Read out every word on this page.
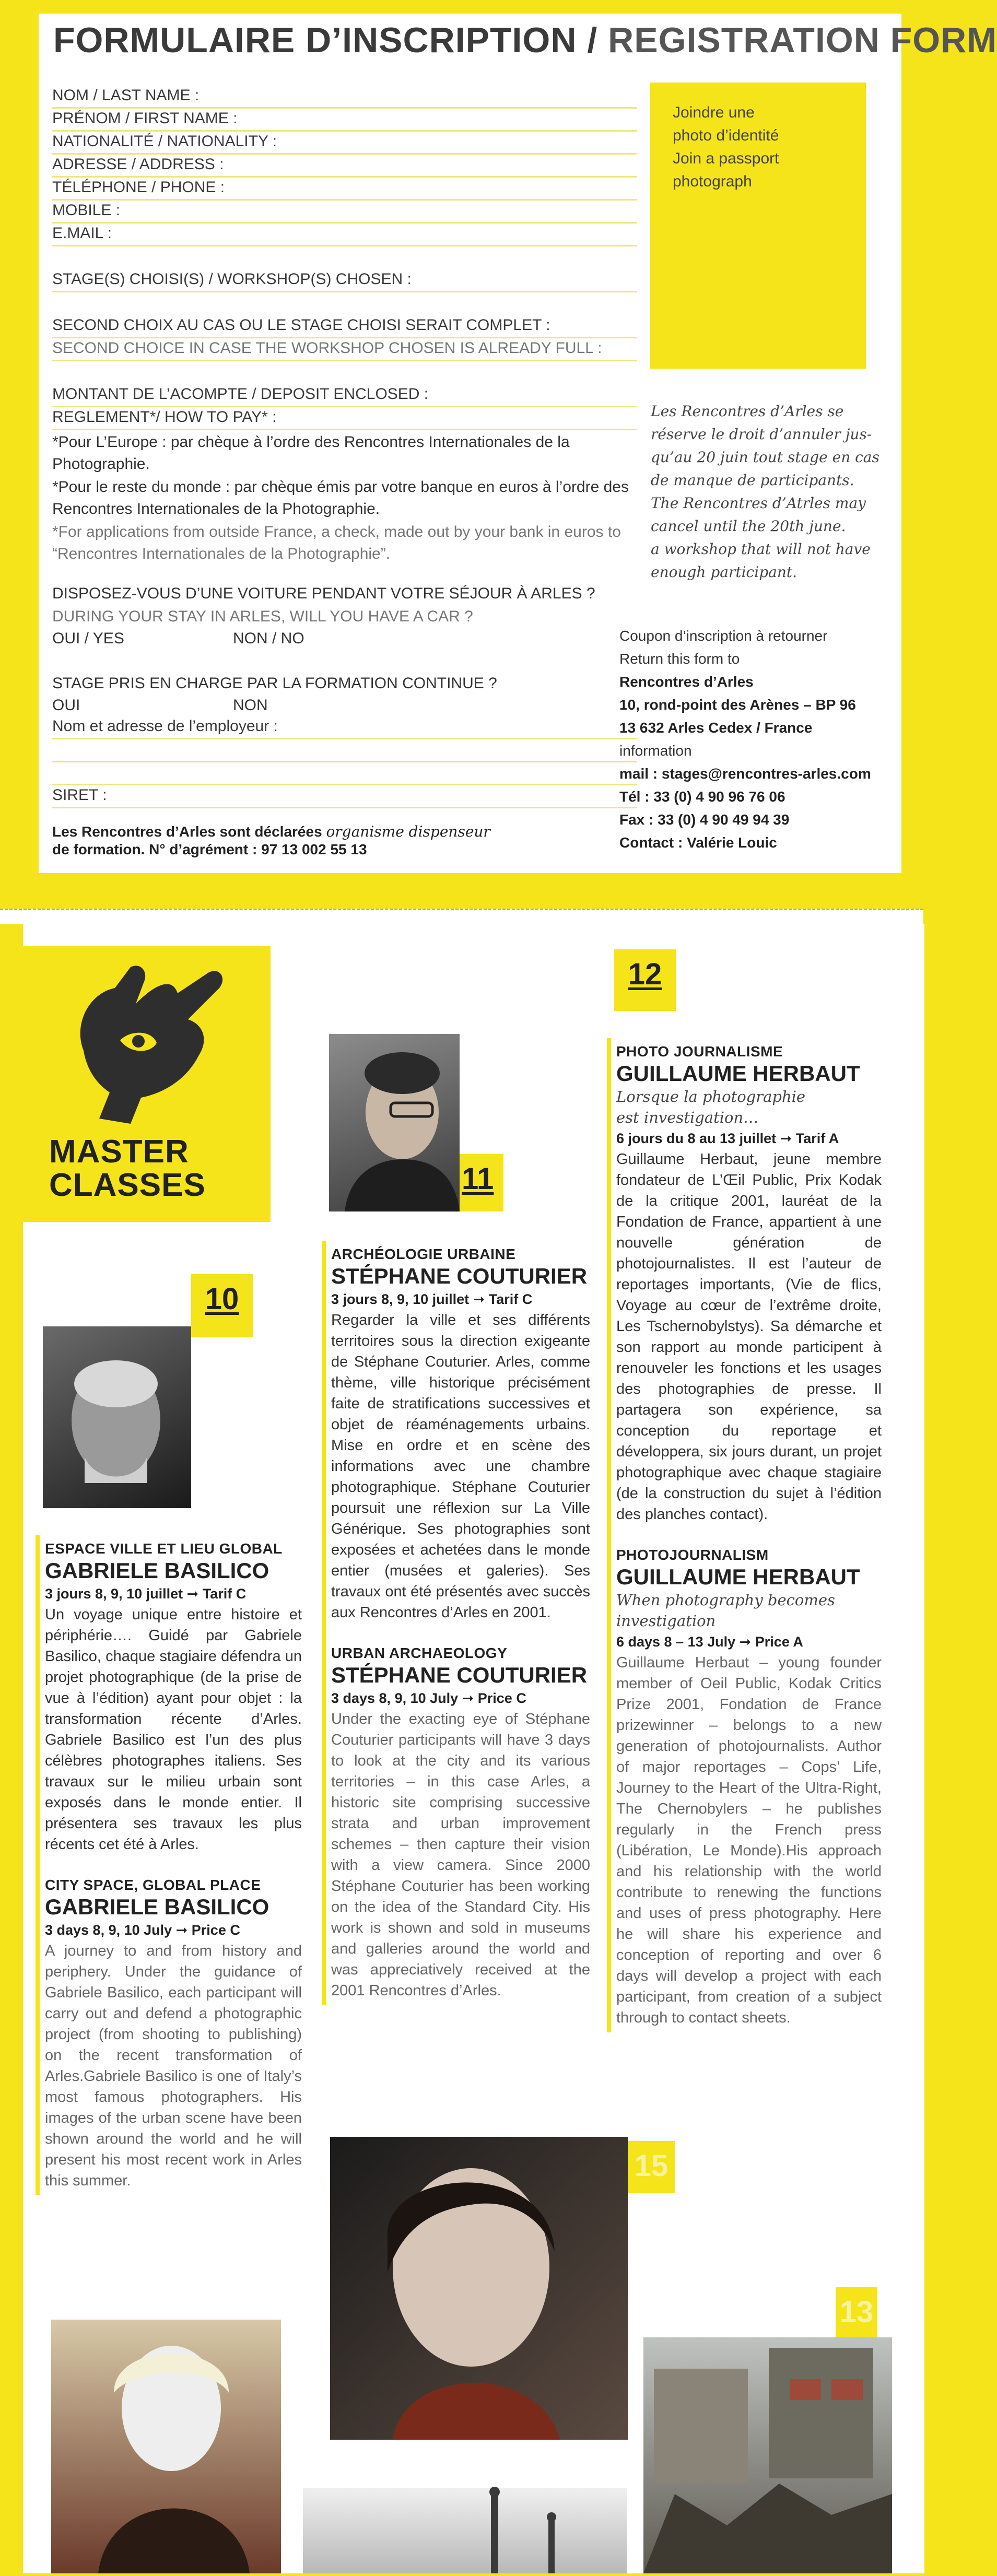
FORMULAIRE D’INSCRIPTION / REGISTRATION FORM
NOM / LAST NAME :
PRÉNOM / FIRST NAME :
NATIONALITÉ / NATIONALITY :
ADRESSE / ADDRESS :
TÉLÉPHONE / PHONE :
MOBILE :
E.MAIL :
STAGE(S) CHOISI(S) / WORKSHOP(S) CHOSEN :
SECOND CHOIX AU CAS OU LE STAGE CHOISI SERAIT COMPLET :
SECOND CHOICE IN CASE THE WORKSHOP CHOSEN IS ALREADY FULL :
MONTANT DE L’ACOMPTE / DEPOSIT ENCLOSED :
REGLEMENT*/ HOW TO PAY* :
*Pour L’Europe : par chèque à l’ordre des Rencontres Internationales de la Photographie.
*Pour le reste du monde : par chèque émis par votre banque en euros à l’ordre des Rencontres Internationales de la Photographie.
*For applications from outside France, a check, made out by your bank in euros to “Rencontres Internationales de la Photographie”.
DISPOSEZ-VOUS D’UNE VOITURE PENDANT VOTRE SÉJOUR À ARLES ?
DURING YOUR STAY IN ARLES, WILL YOU HAVE A CAR ?
OUI / YES	NON / NO
STAGE PRIS EN CHARGE PAR LA FORMATION CONTINUE ?
OUI	NON
Nom et adresse de l’employeur :
SIRET :
Les Rencontres d’Arles sont déclarées organisme dispenseur
de formation. N° d’agrément : 97 13 002 55 13
Joindre une
photo d’identité
Join a passport
photograph
Les Rencontres d’Arles se
réserve le droit d’annuler jus-
qu’au 20 juin tout stage en cas
de manque de participants.
The Rencontres d’Atrles may
cancel until the 20th june.
a workshop that will not have
enough participant.
Coupon d’inscription à retourner
Return this form to
Rencontres d’Arles
10, rond-point des Arènes – BP 96
13 632 Arles Cedex / France
information
mail : stages@rencontres-arles.com
Tél : 33 (0) 4 90 96 76 06
Fax : 33 (0) 4 90 49 94 39
Contact : Valérie Louic
MASTER
CLASSES
10
11
12
15
13
ESPACE VILLE ET LIEU GLOBAL
GABRIELE BASILICO
3 jours 8, 9, 10 juillet ➞ Tarif C
Un voyage unique entre histoire et périphérie…. Guidé par Gabriele Basilico, chaque stagiaire défendra un projet photographique (de la prise de vue à l’édition) ayant pour objet : la transformation récente d’Arles. Gabriele Basilico est l’un des plus célèbres photographes italiens. Ses travaux sur le milieu urbain sont exposés dans le monde entier. Il présentera ses travaux les plus récents cet été à Arles.
CITY SPACE, GLOBAL PLACE
GABRIELE BASILICO
3 days 8, 9, 10 July ➞ Price C
A journey to and from history and periphery. Under the guidance of Gabriele Basilico, each participant will carry out and defend a photographic project (from shooting to publishing) on the recent transformation of Arles.Gabriele Basilico is one of Italy’s most famous photographers. His images of the urban scene have been shown around the world and he will present his most recent work in Arles this summer.
ARCHÉOLOGIE URBAINE
STÉPHANE COUTURIER
3 jours 8, 9, 10 juillet ➞ Tarif C
Regarder la ville et ses différents territoires sous la direction exigeante de Stéphane Couturier. Arles, comme thème, ville historique précisément faite de stratifications successives et objet de réaménagements urbains. Mise en ordre et en scène des informations avec une chambre photographique. Stéphane Couturier poursuit une réflexion sur La Ville Générique. Ses photographies sont exposées et achetées dans le monde entier (musées et galeries). Ses travaux ont été présentés avec succès aux Rencontres d’Arles en 2001.
URBAN ARCHAEOLOGY
STÉPHANE COUTURIER
3 days 8, 9, 10 July ➞ Price C
Under the exacting eye of Stéphane Couturier participants will have 3 days to look at the city and its various territories – in this case Arles, a historic site comprising successive strata and urban improvement schemes – then capture their vision with a view camera. Since 2000 Stéphane Couturier has been working on the idea of the Standard City. His work is shown and sold in museums and galleries around the world and was appreciatively received at the 2001 Rencontres d’Arles.
PHOTO JOURNALISME
GUILLAUME HERBAUT
Lorsque la photographie
est investigation…
6 jours du 8 au 13 juillet ➞ Tarif A
Guillaume Herbaut, jeune membre fondateur de L’Œil Public, Prix Kodak de la critique 2001, lauréat de la Fondation de France, appartient à une nouvelle génération de photojournalistes. Il est l’auteur de reportages importants, (Vie de flics, Voyage au cœur de l’extrême droite, Les Tschernobylstys). Sa démarche et son rapport au monde participent à renouveler les fonctions et les usages des photographies de presse. Il partagera son expérience, sa conception du reportage et développera, six jours durant, un projet photographique avec chaque stagiaire (de la construction du sujet à l’édition des planches contact).
PHOTOJOURNALISM
GUILLAUME HERBAUT
When photography becomes
investigation
6 days 8 – 13 July ➞ Price A
Guillaume Herbaut – young founder member of Oeil Public, Kodak Critics Prize 2001, Fondation de France prizewinner – belongs to a new generation of photojournalists. Author of major reportages – Cops’ Life, Journey to the Heart of the Ultra-Right, The Chernobylers – he publishes regularly in the French press (Libération, Le Monde).His approach and his relationship with the world contribute to renewing the functions and uses of press photography. Here he will share his experience and conception of reporting and over 6 days will develop a project with each participant, from creation of a subject through to contact sheets.
